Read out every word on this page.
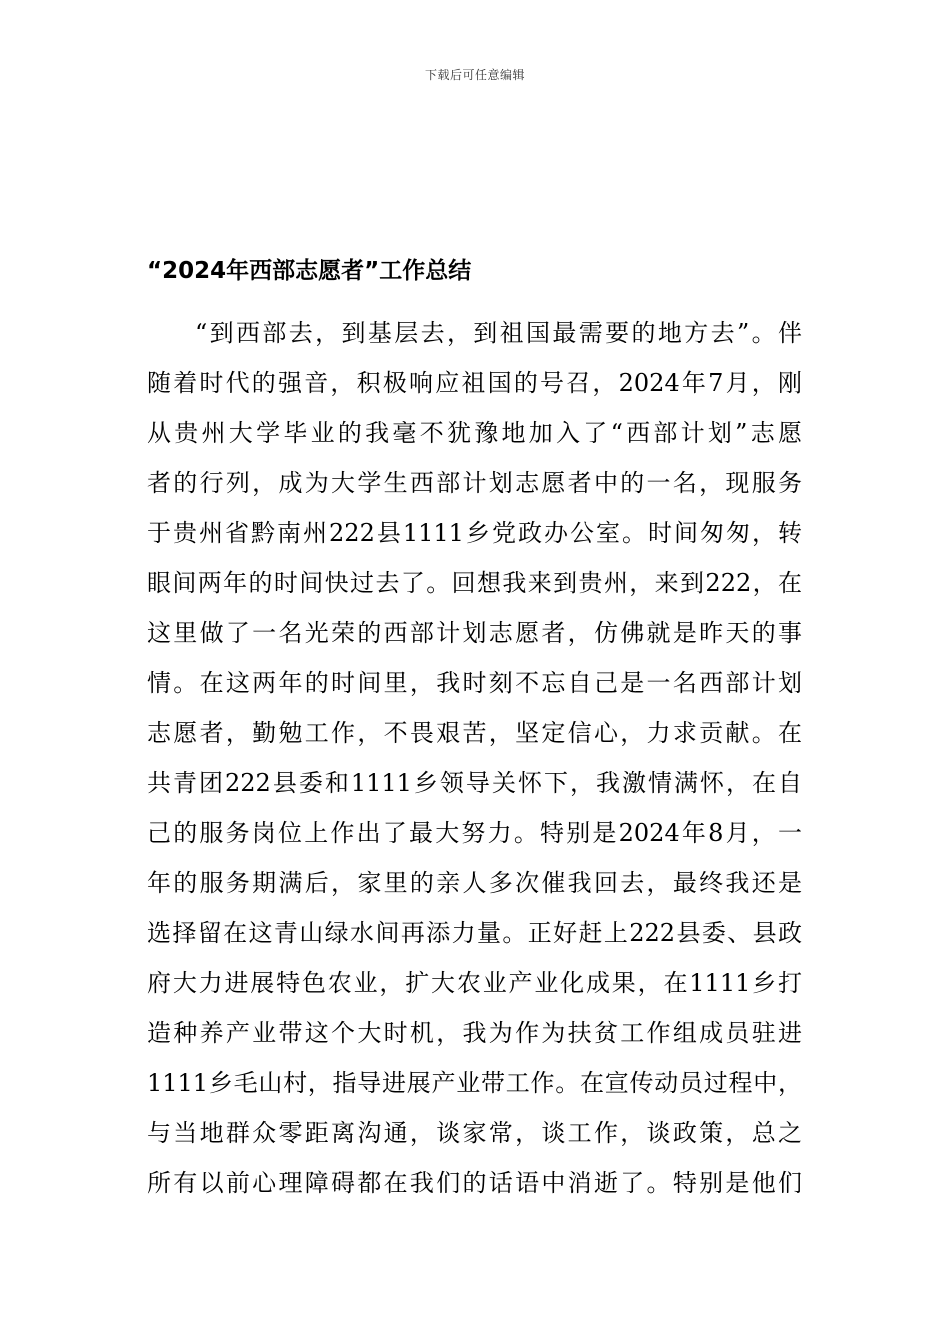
下载后可任意编辑
“2024年西部志愿者”工作总结
“到西部去，到基层去，到祖国最需要的地方去”。伴
随着时代的强音，积极响应祖国的号召，2024年7月，刚
从贵州大学毕业的我毫不犹豫地加入了“西部计划”志愿
者的行列，成为大学生西部计划志愿者中的一名，现服务
于贵州省黔南州222县1111乡党政办公室。时间匆匆，转
眼间两年的时间快过去了。回想我来到贵州，来到222，在
这里做了一名光荣的西部计划志愿者，仿佛就是昨天的事
情。在这两年的时间里，我时刻不忘自己是一名西部计划
志愿者，勤勉工作，不畏艰苦，坚定信心，力求贡献。在
共青团222县委和1111乡领导关怀下，我激情满怀，在自
己的服务岗位上作出了最大努力。特别是2024年8月，一
年的服务期满后，家里的亲人多次催我回去，最终我还是
选择留在这青山绿水间再添力量。正好赶上222县委、县政
府大力进展特色农业，扩大农业产业化成果，在1111乡打
造种养产业带这个大时机，我为作为扶贫工作组成员驻进
1111乡毛山村，指导进展产业带工作。在宣传动员过程中，
与当地群众零距离沟通，谈家常，谈工作，谈政策，总之
所有以前心理障碍都在我们的话语中消逝了。特别是他们
